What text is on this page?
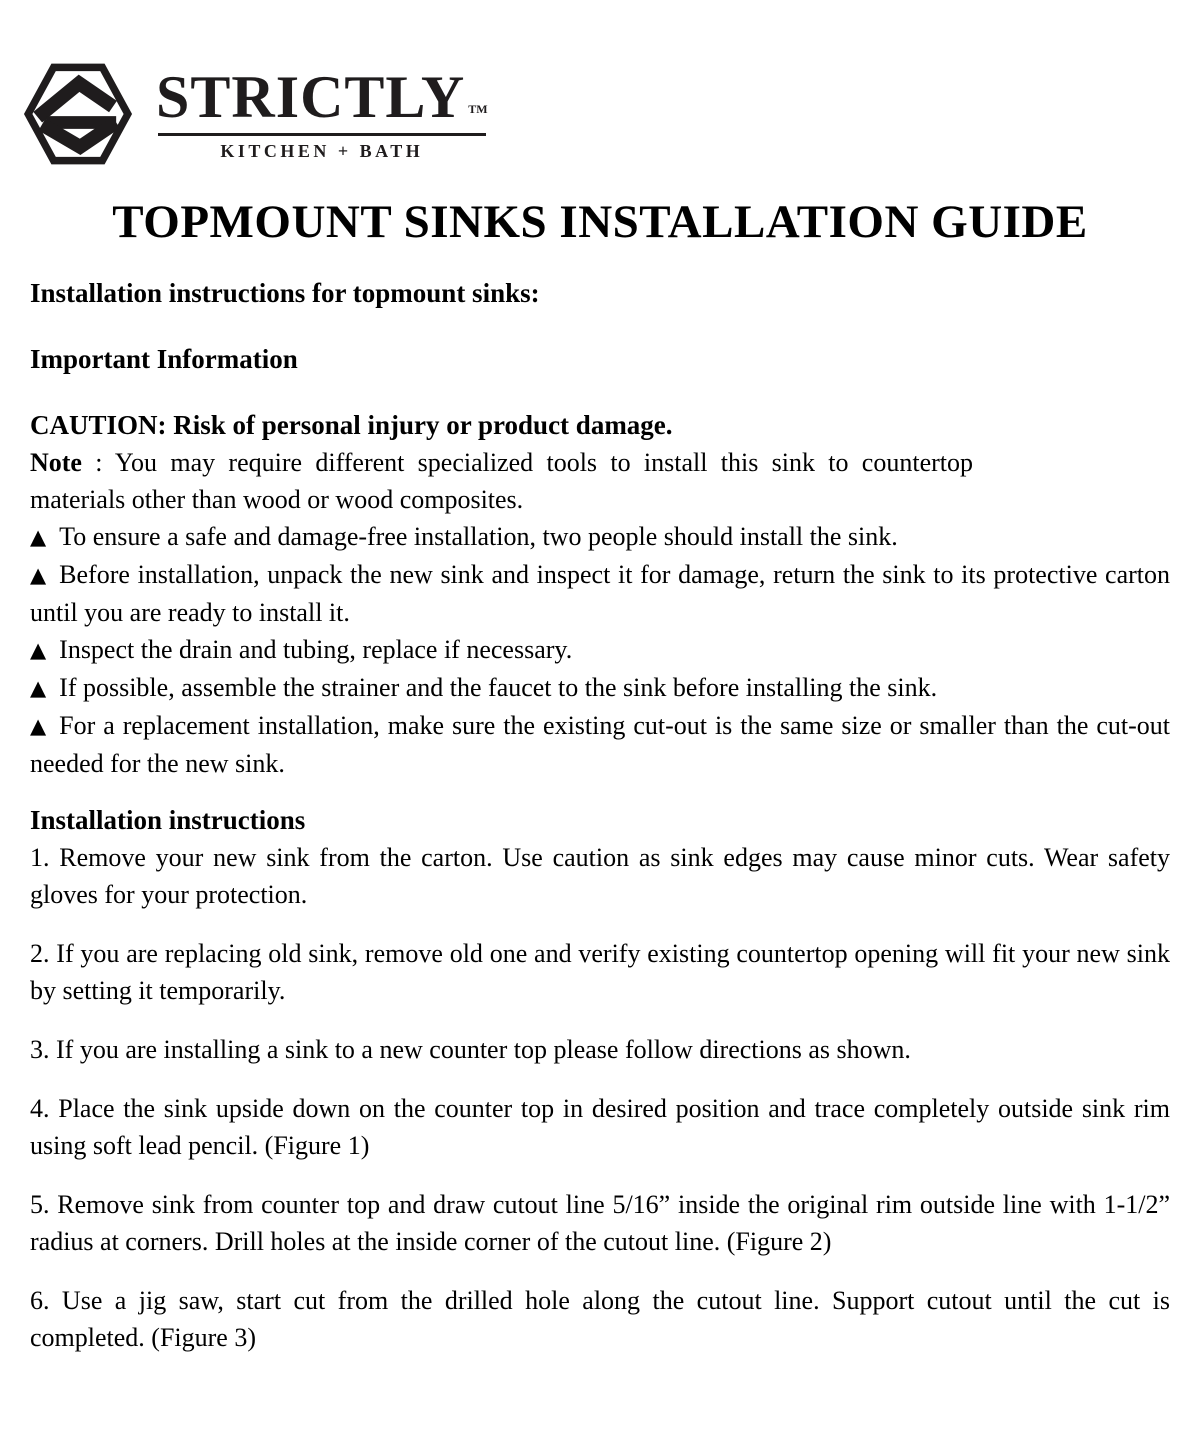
STRICTLY TM
KITCHEN + BATH
TOPMOUNT SINKS INSTALLATION GUIDE

Installation instructions for topmount sinks:

Important Information

CAUTION: Risk of personal injury or product damage.

Note : You may require different specialized tools to install this sink to countertop materials other than wood or wood composites.

▲ To ensure a safe and damage-free installation, two people should install the sink.

▲ Before installation, unpack the new sink and inspect it for damage, return the sink to its protective carton until you are ready to install it.

▲ Inspect the drain and tubing, replace if necessary.

▲ If possible, assemble the strainer and the faucet to the sink before installing the sink.

▲ For a replacement installation, make sure the existing cut-out is the same size or smaller than the cut-out needed for the new sink.

Installation instructions

1. Remove your new sink from the carton. Use caution as sink edges may cause minor cuts. Wear safety gloves for your protection.

2. If you are replacing old sink, remove old one and verify existing countertop opening will fit your new sink by setting it temporarily.

3. If you are installing a sink to a new counter top please follow directions as shown.

4. Place the sink upside down on the counter top in desired position and trace completely outside sink rim using soft lead pencil. (Figure 1)

5. Remove sink from counter top and draw cutout line 5/16” inside the original rim outside line with 1-1/2” radius at corners. Drill holes at the inside corner of the cutout line. (Figure 2)

6. Use a jig saw, start cut from the drilled hole along the cutout line. Support cutout until the cut is completed. (Figure 3)
